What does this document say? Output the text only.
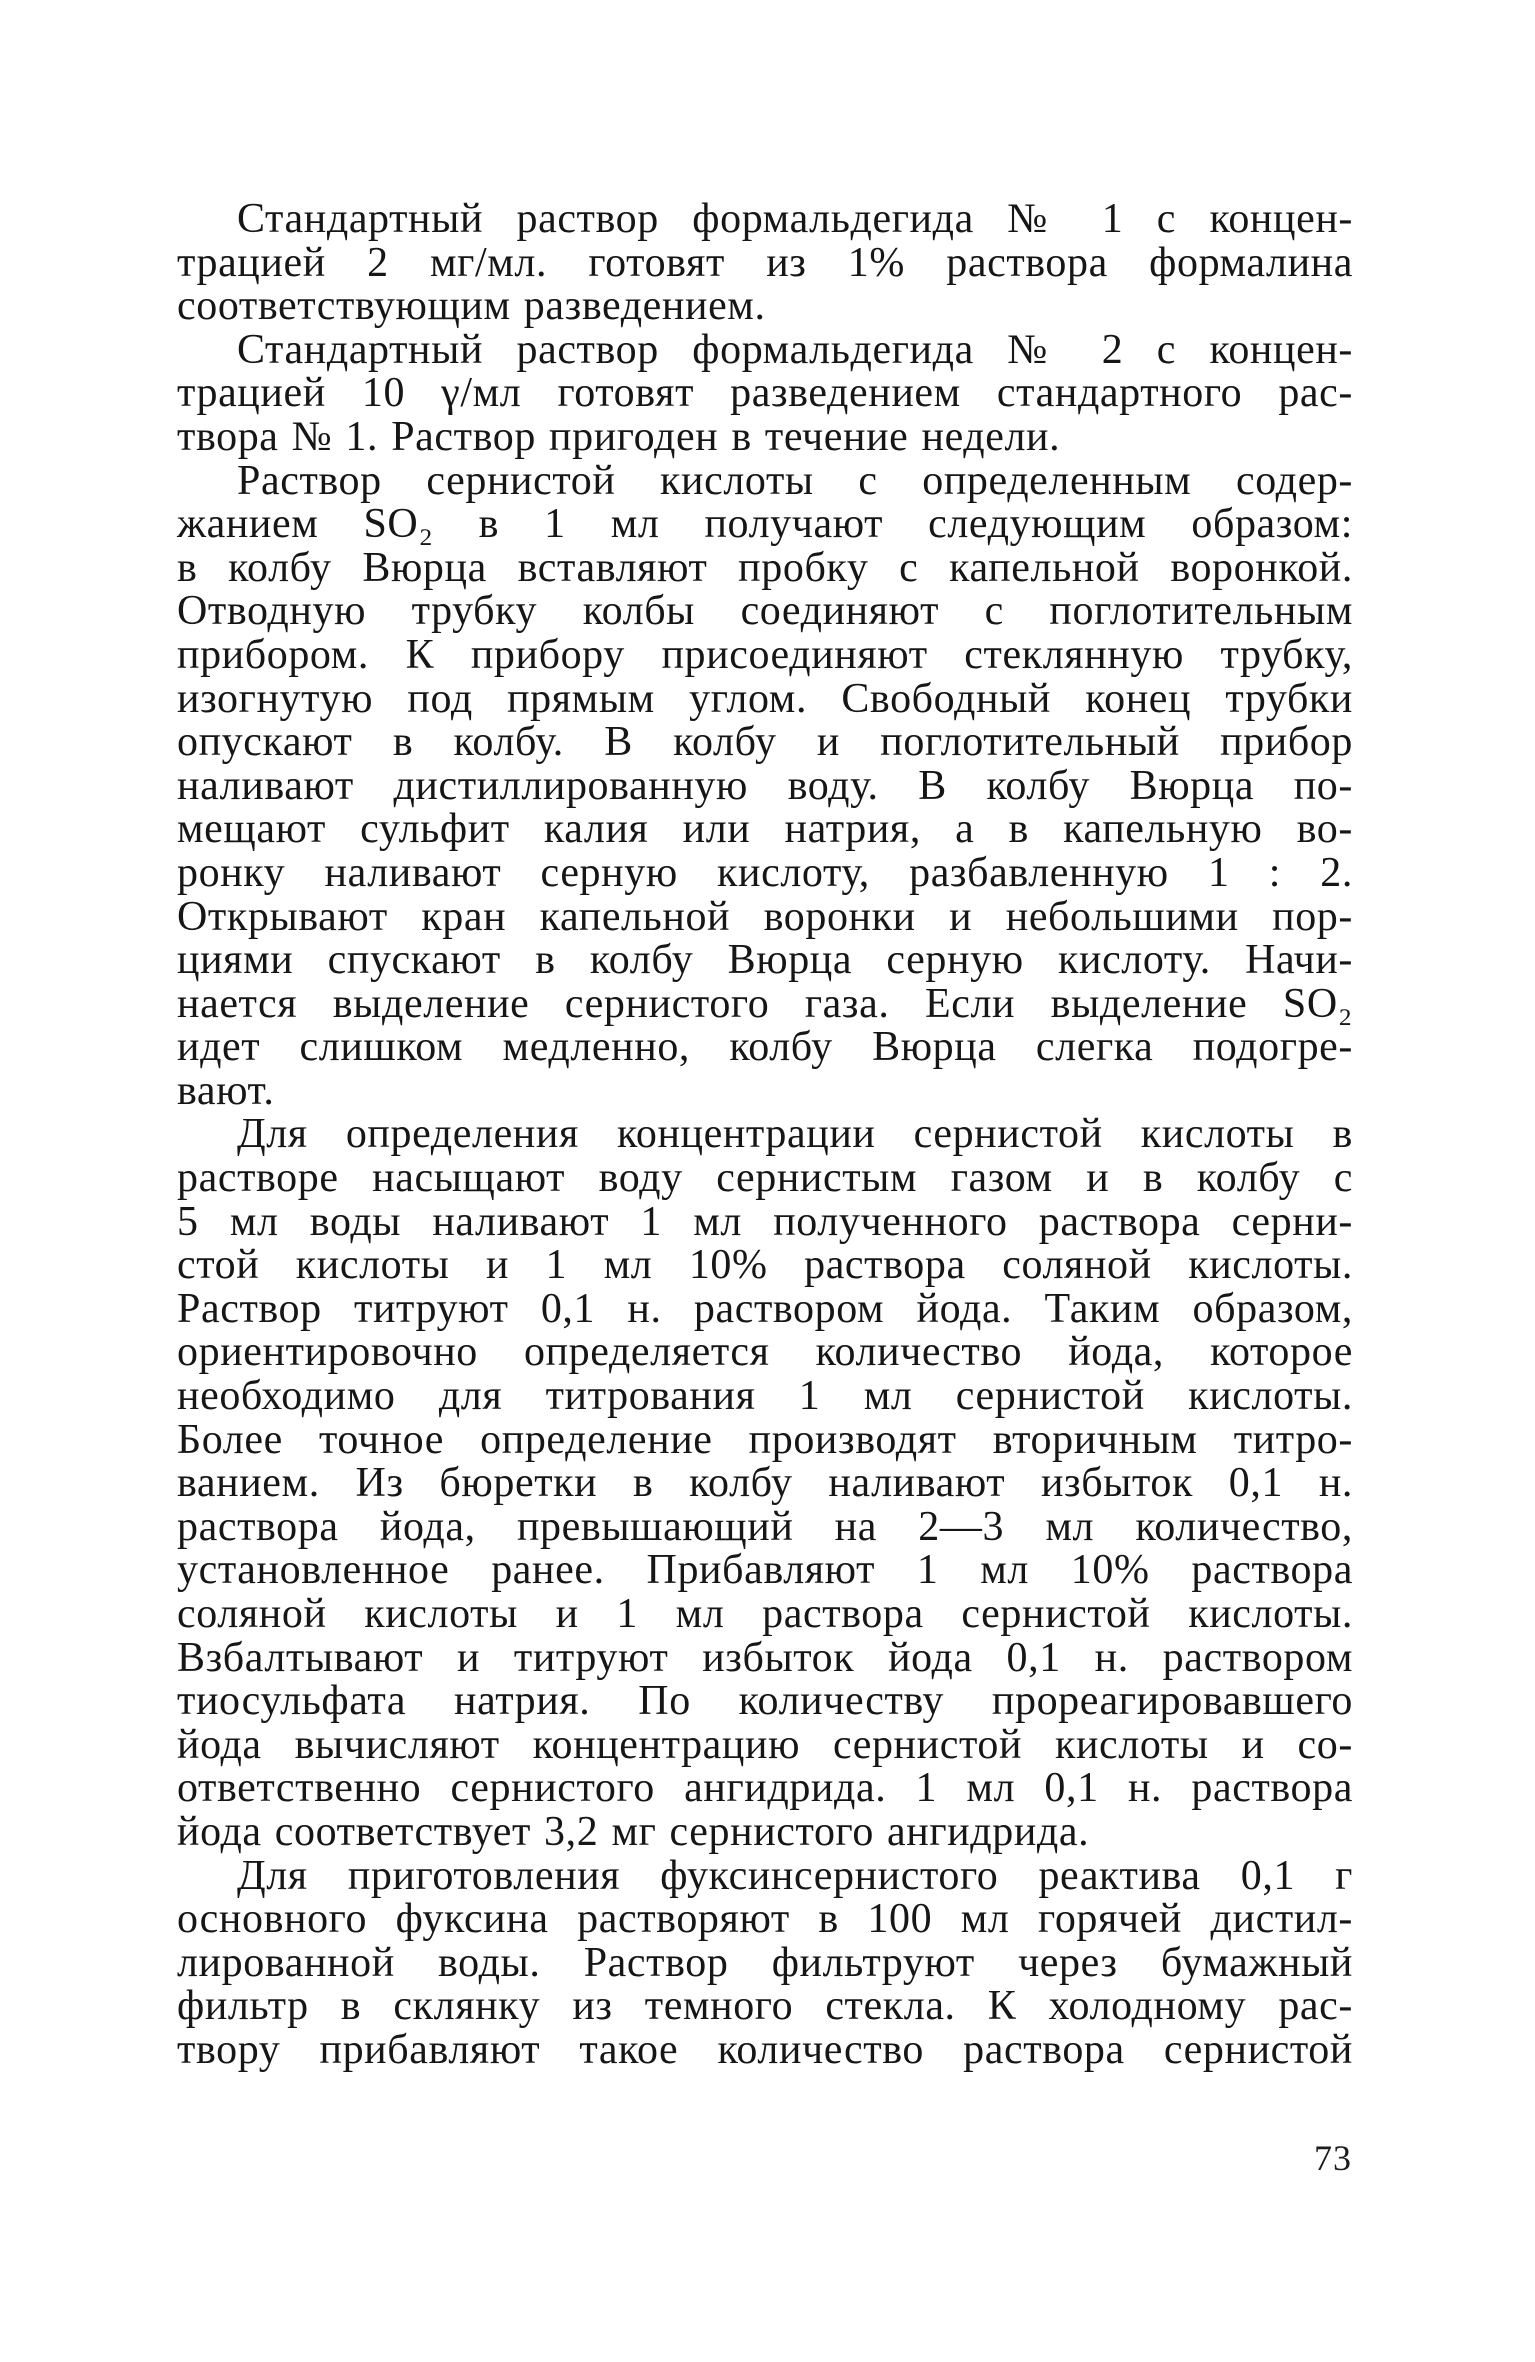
Стандартный раствор формальдегида № 1 с концен-
трацией 2 мг/мл. готовят из 1% раствора формалина
соответствующим разведением.
Стандартный раствор формальдегида № 2 с концен-
трацией 10 γ/мл готовят разведением стандартного рас-
твора № 1. Раствор пригоден в течение недели.
Раствор сернистой кислоты с определенным содер-
жанием SO₂ в 1 мл получают следующим образом:
в колбу Вюрца вставляют пробку с капельной воронкой.
Отводную трубку колбы соединяют с поглотительным
прибором. К прибору присоединяют стеклянную трубку,
изогнутую под прямым углом. Свободный конец трубки
опускают в колбу. В колбу и поглотительный прибор
наливают дистиллированную воду. В колбу Вюрца по-
мещают сульфит калия или натрия, а в капельную во-
ронку наливают серную кислоту, разбавленную 1 : 2.
Открывают кран капельной воронки и небольшими пор-
циями спускают в колбу Вюрца серную кислоту. Начи-
нается выделение сернистого газа. Если выделение SO₂
идет слишком медленно, колбу Вюрца слегка подогре-
вают.
Для определения концентрации сернистой кислоты в
растворе насыщают воду сернистым газом и в колбу с
5 мл воды наливают 1 мл полученного раствора серни-
стой кислоты и 1 мл 10% раствора соляной кислоты.
Раствор титруют 0,1 н. раствором йода. Таким образом,
ориентировочно определяется количество йода, которое
необходимо для титрования 1 мл сернистой кислоты.
Более точное определение производят вторичным титро-
ванием. Из бюретки в колбу наливают избыток 0,1 н.
раствора йода, превышающий на 2—3 мл количество,
установленное ранее. Прибавляют 1 мл 10% раствора
соляной кислоты и 1 мл раствора сернистой кислоты.
Взбалтывают и титруют избыток йода 0,1 н. раствором
тиосульфата натрия. По количеству прореагировавшего
йода вычисляют концентрацию сернистой кислоты и со-
ответственно сернистого ангидрида. 1 мл 0,1 н. раствора
йода соответствует 3,2 мг сернистого ангидрида.
Для приготовления фуксинсернистого реактива 0,1 г
основного фуксина растворяют в 100 мл горячей дистил-
лированной воды. Раствор фильтруют через бумажный
фильтр в склянку из темного стекла. К холодному рас-
твору прибавляют такое количество раствора сернистой
73
